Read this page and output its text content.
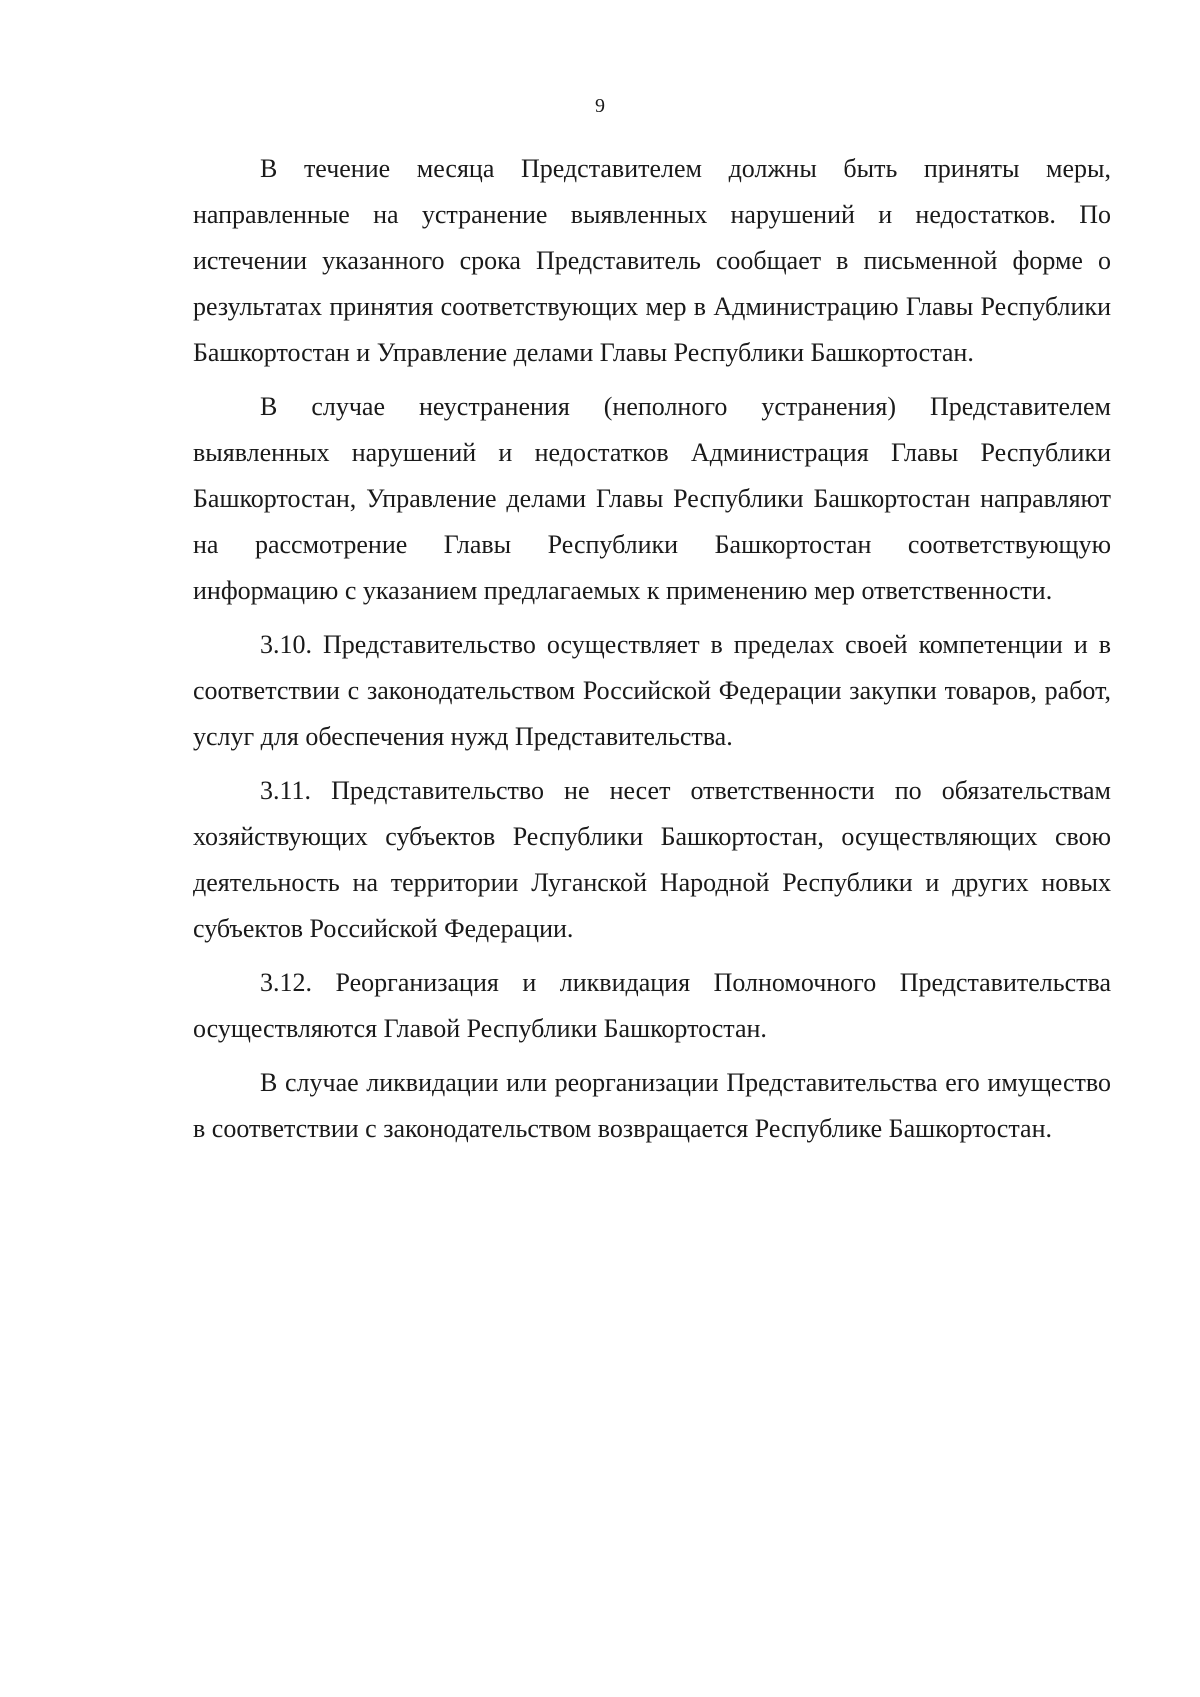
9

В течение месяца Представителем должны быть приняты меры, направленные на устранение выявленных нарушений и недостатков. По истечении указанного срока Представитель сообщает в письменной форме о результатах принятия соответствующих мер в Администрацию Главы Республики Башкортостан и Управление делами Главы Республики Башкортостан.

В случае неустранения (неполного устранения) Представителем выявленных нарушений и недостатков Администрация Главы Республики Башкортостан, Управление делами Главы Республики Башкортостан направляют на рассмотрение Главы Республики Башкортостан соответствующую информацию с указанием предлагаемых к применению мер ответственности.

3.10. Представительство осуществляет в пределах своей компетенции и в соответствии с законодательством Российской Федерации закупки товаров, работ, услуг для обеспечения нужд Представительства.

3.11. Представительство не несет ответственности по обязательствам хозяйствующих субъектов Республики Башкортостан, осуществляющих свою деятельность на территории Луганской Народной Республики и других новых субъектов Российской Федерации.

3.12. Реорганизация и ликвидация Полномочного Представительства осуществляются Главой Республики Башкортостан.

В случае ликвидации или реорганизации Представительства его имущество в соответствии с законодательством возвращается Республике Башкортостан.
